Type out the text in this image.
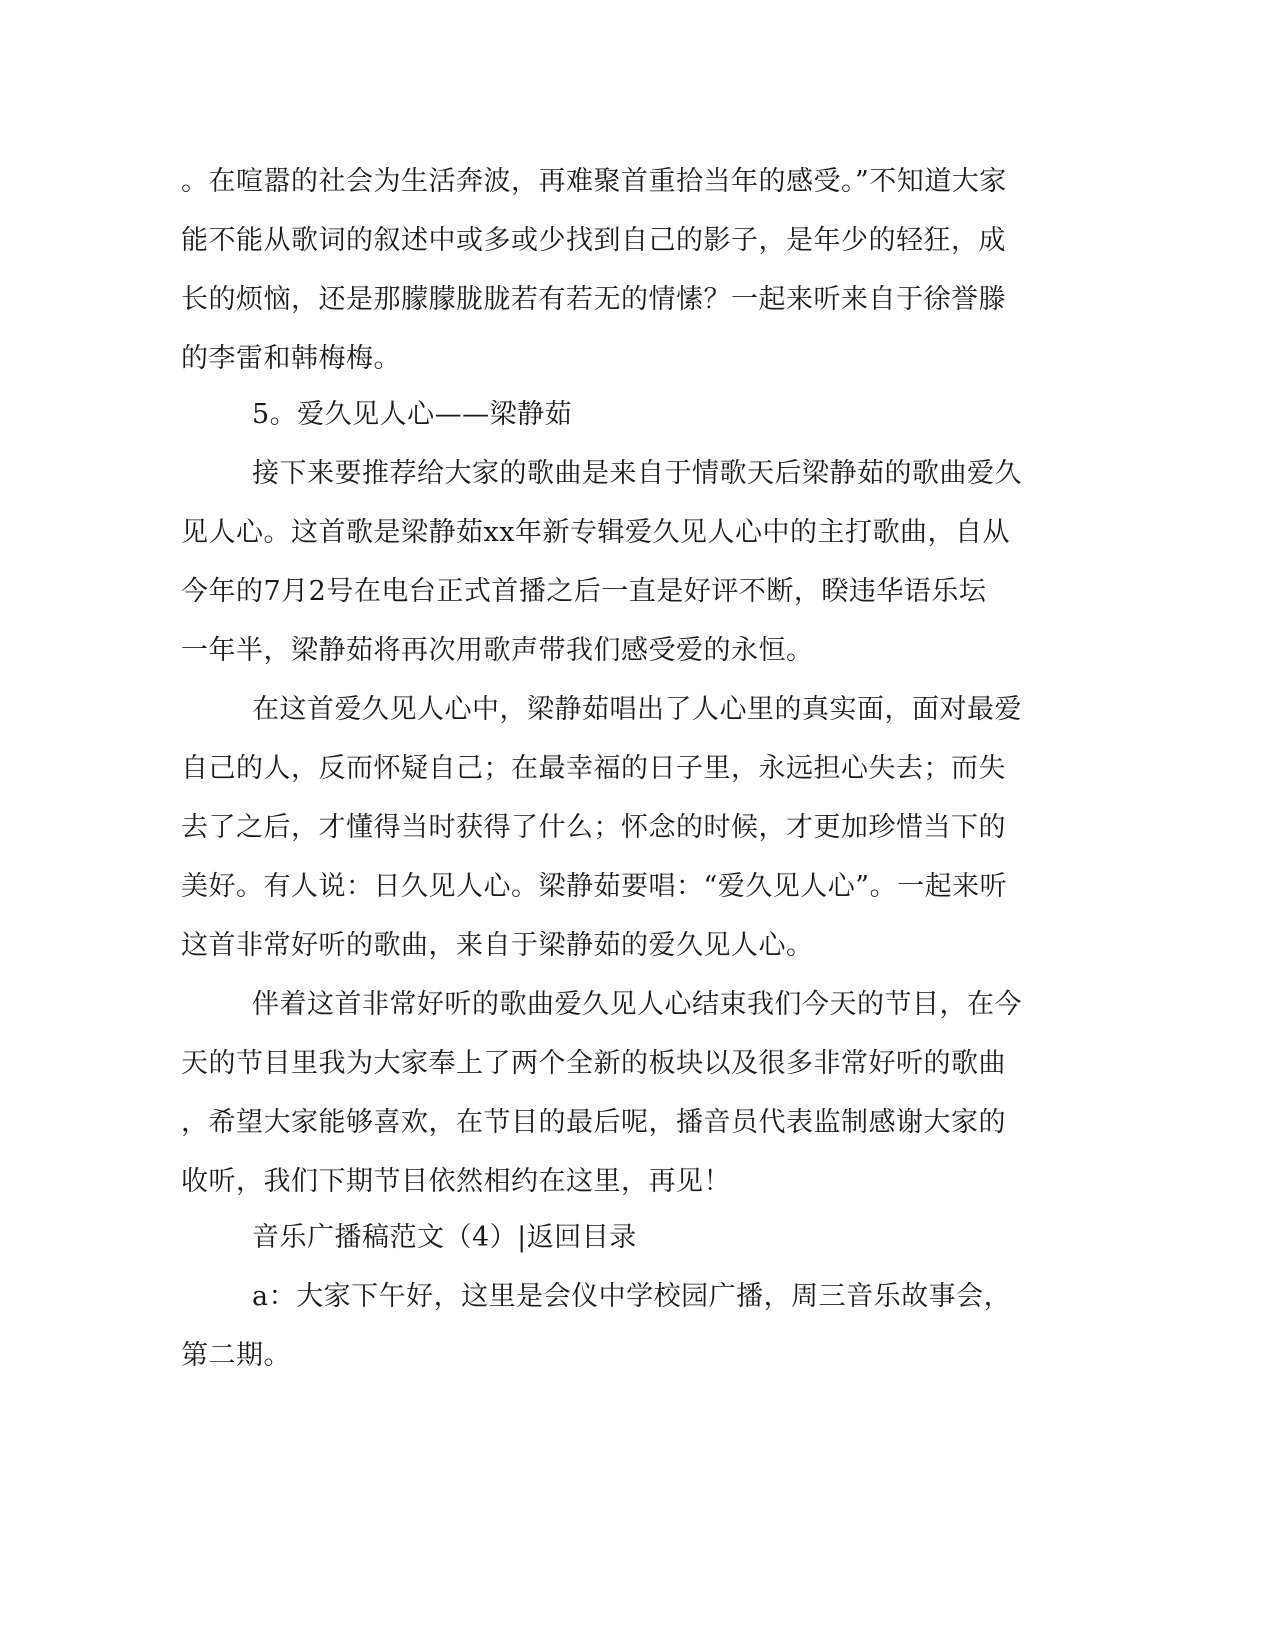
。在喧嚣的社会为生活奔波，再难聚首重拾当年的感受。”不知道大家
能不能从歌词的叙述中或多或少找到自己的影子，是年少的轻狂，成
长的烦恼，还是那朦朦胧胧若有若无的情愫？一起来听来自于徐誉滕
的李雷和韩梅梅。
5。爱久见人心——梁静茹
接下来要推荐给大家的歌曲是来自于情歌天后梁静茹的歌曲爱久
见人心。这首歌是梁静茹xx年新专辑爱久见人心中的主打歌曲，自从
今年的7月2号在电台正式首播之后一直是好评不断，睽违华语乐坛
一年半，梁静茹将再次用歌声带我们感受爱的永恒。
在这首爱久见人心中，梁静茹唱出了人心里的真实面，面对最爱
自己的人，反而怀疑自己；在最幸福的日子里，永远担心失去；而失
去了之后，才懂得当时获得了什么；怀念的时候，才更加珍惜当下的
美好。有人说：日久见人心。梁静茹要唱：“爱久见人心”。一起来听
这首非常好听的歌曲，来自于梁静茹的爱久见人心。
伴着这首非常好听的歌曲爱久见人心结束我们今天的节目，在今
天的节目里我为大家奉上了两个全新的板块以及很多非常好听的歌曲
，希望大家能够喜欢，在节目的最后呢，播音员代表监制感谢大家的
收听，我们下期节目依然相约在这里，再见！
音乐广播稿范文（4）|返回目录
a：大家下午好，这里是会仪中学校园广播，周三音乐故事会，
第二期。
